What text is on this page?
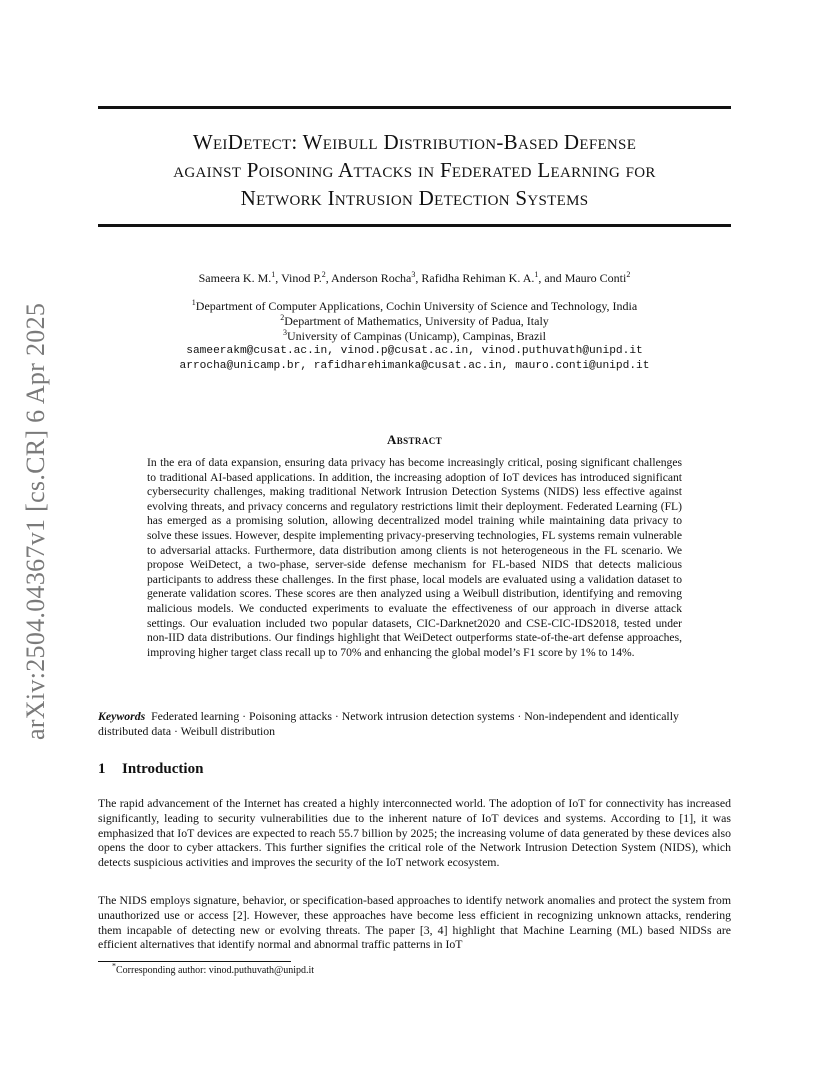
arXiv:2504.04367v1 [cs.CR] 6 Apr 2025
WeiDetect: Weibull Distribution-Based Defense
against Poisoning Attacks in Federated Learning for
Network Intrusion Detection Systems
Sameera K. M.$^1$, Vinod P.$^2$, Anderson Rocha$^3$, Rafidha Rehiman K. A.$^1$, and Mauro Conti$^2$
$^1$Department of Computer Applications, Cochin University of Science and Technology, India
$^2$Department of Mathematics, University of Padua, Italy
$^3$University of Campinas (Unicamp), Campinas, Brazil
sameerakm@cusat.ac.in, vinod.p@cusat.ac.in, vinod.puthuvath@unipd.it
arrocha@unicamp.br, rafidharehimanka@cusat.ac.in, mauro.conti@unipd.it
Abstract
In the era of data expansion, ensuring data privacy has become increasingly critical, posing significant challenges to traditional AI-based applications. In addition, the increasing adoption of IoT devices has introduced significant cybersecurity challenges, making traditional Network Intrusion Detection Systems (NIDS) less effective against evolving threats, and privacy concerns and regulatory restrictions limit their deployment. Federated Learning (FL) has emerged as a promising solution, allowing decentralized model training while maintaining data privacy to solve these issues. However, despite implementing privacy-preserving technologies, FL systems remain vulnerable to adversarial attacks. Furthermore, data distribution among clients is not heterogeneous in the FL scenario. We propose WeiDetect, a two-phase, server-side defense mechanism for FL-based NIDS that detects malicious participants to address these challenges. In the first phase, local models are evaluated using a validation dataset to generate validation scores. These scores are then analyzed using a Weibull distribution, identifying and removing malicious models. We conducted experiments to evaluate the effectiveness of our approach in diverse attack settings. Our evaluation included two popular datasets, CIC-Darknet2020 and CSE-CIC-IDS2018, tested under non-IID data distributions. Our findings highlight that WeiDetect outperforms state-of-the-art defense approaches, improving higher target class recall up to 70% and enhancing the global model’s F1 score by 1% to 14%.
Keywords Federated learning · Poisoning attacks · Network intrusion detection systems · Non-independent and identically distributed data · Weibull distribution
1 Introduction
The rapid advancement of the Internet has created a highly interconnected world. The adoption of IoT for connectivity has increased significantly, leading to security vulnerabilities due to the inherent nature of IoT devices and systems. According to [1], it was emphasized that IoT devices are expected to reach 55.7 billion by 2025; the increasing volume of data generated by these devices also opens the door to cyber attackers. This further signifies the critical role of the Network Intrusion Detection System (NIDS), which detects suspicious activities and improves the security of the IoT network ecosystem.
The NIDS employs signature, behavior, or specification-based approaches to identify network anomalies and protect the system from unauthorized use or access [2]. However, these approaches have become less efficient in recognizing unknown attacks, rendering them incapable of detecting new or evolving threats. The paper [3, 4] highlight that Machine Learning (ML) based NIDSs are efficient alternatives that identify normal and abnormal traffic patterns in IoT
*Corresponding author: vinod.puthuvath@unipd.it
